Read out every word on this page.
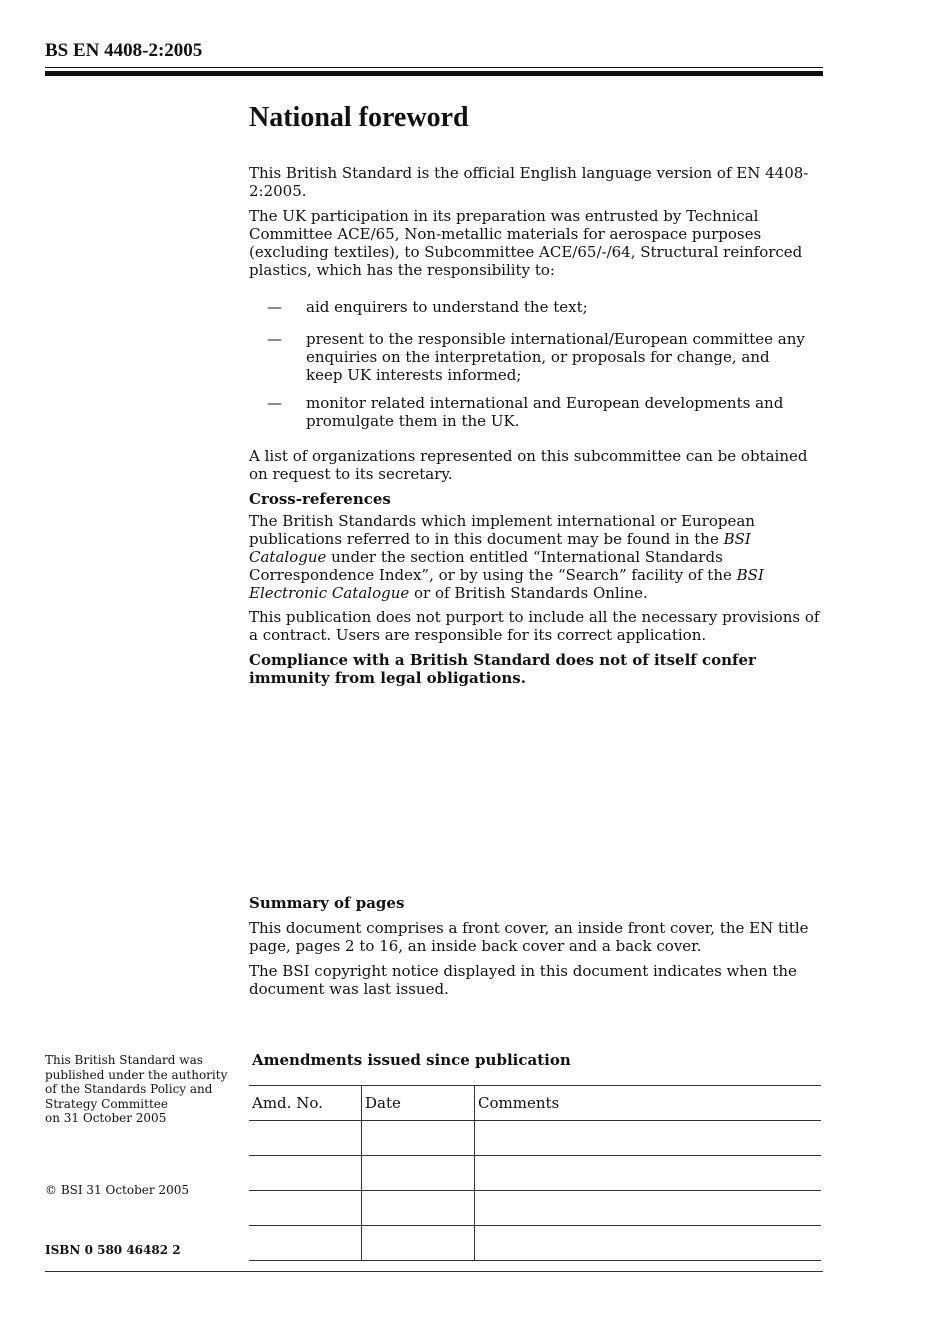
BS EN 4408-2:2005
National foreword
This British Standard is the official English language version of EN 4408-2:2005.
The UK participation in its preparation was entrusted by Technical Committee ACE/65, Non-metallic materials for aerospace purposes (excluding textiles), to Subcommittee ACE/65/-/64, Structural reinforced plastics, which has the responsibility to:
— aid enquirers to understand the text;
— present to the responsible international/European committee any enquiries on the interpretation, or proposals for change, and keep UK interests informed;
— monitor related international and European developments and promulgate them in the UK.
A list of organizations represented on this subcommittee can be obtained on request to its secretary.
Cross-references
The British Standards which implement international or European publications referred to in this document may be found in the BSI Catalogue under the section entitled “International Standards Correspondence Index”, or by using the “Search” facility of the BSI Electronic Catalogue or of British Standards Online.
This publication does not purport to include all the necessary provisions of a contract. Users are responsible for its correct application.
Compliance with a British Standard does not of itself confer immunity from legal obligations.
Summary of pages
This document comprises a front cover, an inside front cover, the EN title page, pages 2 to 16, an inside back cover and a back cover.
The BSI copyright notice displayed in this document indicates when the document was last issued.
This British Standard was
published under the authority
of the Standards Policy and
Strategy Committee
on 31 October 2005
© BSI 31 October 2005
ISBN 0 580 46482 2
Amendments issued since publication
Amd. No.	Date	Comments
